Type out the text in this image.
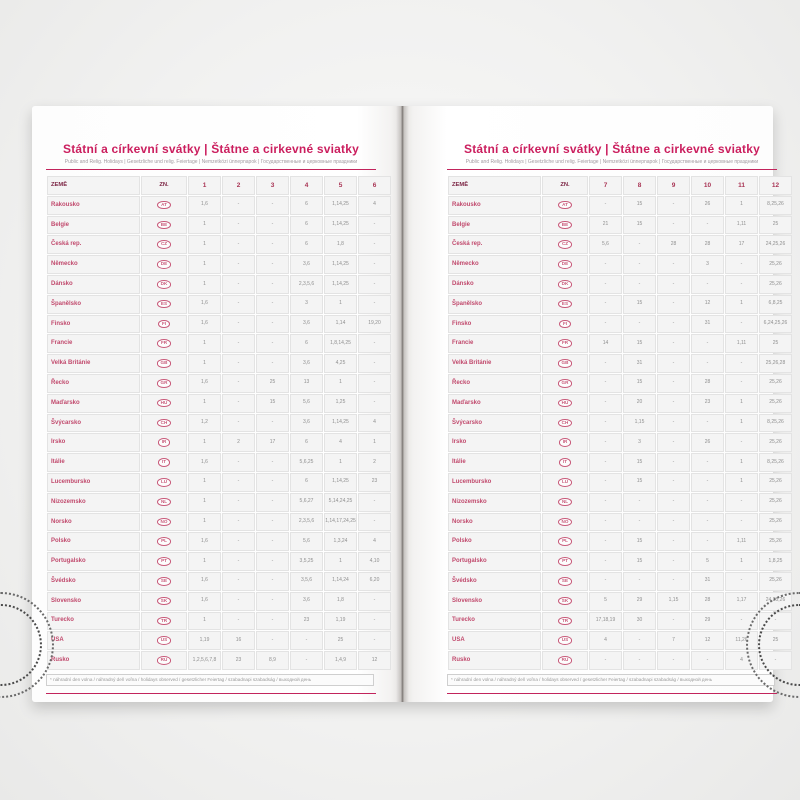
Státní a církevní svátky | Štátne a cirkevné sviatky
Public and Relig. Holidays | Gesetzliche und relig. Feiertage | Nemzetközi ünnepnapok | Государственные и церковные праздники
ZEMĚ	ZN.	1	2	3	4	5	6
Rakousko	AT	1,6	-	-	6	1,14,25	4
Belgie	BE	1	-	-	6	1,14,25	-
Česká rep.	CZ	1	-	-	6	1,8	-
Německo	DE	1	-	-	3,6	1,14,25	-
Dánsko	DK	1	-	-	2,3,5,6	1,14,25	-
Španělsko	ES	1,6	-	-	3	1	-
Finsko	FI	1,6	-	-	3,6	1,14	19,20
Francie	FR	1	-	-	6	1,8,14,25	-
Velká Británie	GB	1	-	-	3,6	4,25	-
Řecko	GR	1,6	-	25	13	1	-
Maďarsko	HU	1	-	15	5,6	1,25	-
Švýcarsko	CH	1,2	-	-	3,6	1,14,25	4
Irsko	IR	1	2	17	6	4	1
Itálie	IT	1,6	-	-	5,6,25	1	2
Lucembursko	LU	1	-	-	6	1,14,25	23
Nizozemsko	NL	1	-	-	5,6,27	5,14,24,25	-
Norsko	NO	1	-	-	2,3,5,6	1,14,17,24,25	-
Polsko	PL	1,6	-	-	5,6	1,3,24	4
Portugalsko	PT	1	-	-	3,5,25	1	4,10
Švédsko	SE	1,6	-	-	3,5,6	1,14,24	6,20
Slovensko	SK	1,6	-	-	3,6	1,8	-
Turecko	TR	1	-	-	23	1,19	-
USA	US	1,19	16	-	-	25	-
Rusko	RU	1,2,5,6,7,8	23	8,9	-	1,4,9	12
* náhradní den volna / náhradný deň voľna / holidays observed / gesetzlicher Feiertag / szabadnapi szabadság / выходной день
Státní a církevní svátky | Štátne a cirkevné sviatky
Public and Relig. Holidays | Gesetzliche und relig. Feiertage | Nemzetközi ünnepnapok | Государственные и церковные праздники
ZEMĚ	ZN.	7	8	9	10	11	12
Rakousko	AT	-	15	-	26	1	8,25,26
Belgie	BE	21	15	-	-	1,11	25
Česká rep.	CZ	5,6	-	28	28	17	24,25,26
Německo	DE	-	-	-	3	-	25,26
Dánsko	DK	-	-	-	-	-	25,26
Španělsko	ES	-	15	-	12	1	6,8,25
Finsko	FI	-	-	-	31	-	6,24,25,26
Francie	FR	14	15	-	-	1,11	25
Velká Británie	GB	-	31	-	-	-	25,26,28
Řecko	GR	-	15	-	28	-	25,26
Maďarsko	HU	-	20	-	23	1	25,26
Švýcarsko	CH	-	1,15	-	-	1	8,25,26
Irsko	IR	-	3	-	26	-	25,26
Itálie	IT	-	15	-	-	1	8,25,26
Lucembursko	LU	-	15	-	-	1	25,26
Nizozemsko	NL	-	-	-	-	-	25,26
Norsko	NO	-	-	-	-	-	25,26
Polsko	PL	-	15	-	-	1,11	25,26
Portugalsko	PT	-	15	-	5	1	1,8,25
Švédsko	SE	-	-	-	31	-	25,26
Slovensko	SK	5	29	1,15	28	1,17	24,25,26
Turecko	TR	17,18,19	30	-	29	-	-
USA	US	4	-	7	12	11,26	25
Rusko	RU	-	-	-	-	4	-
* náhradní den volna / náhradný deň voľna / holidays observed / gesetzlicher Feiertag / szabadnapi szabadság / выходной день
